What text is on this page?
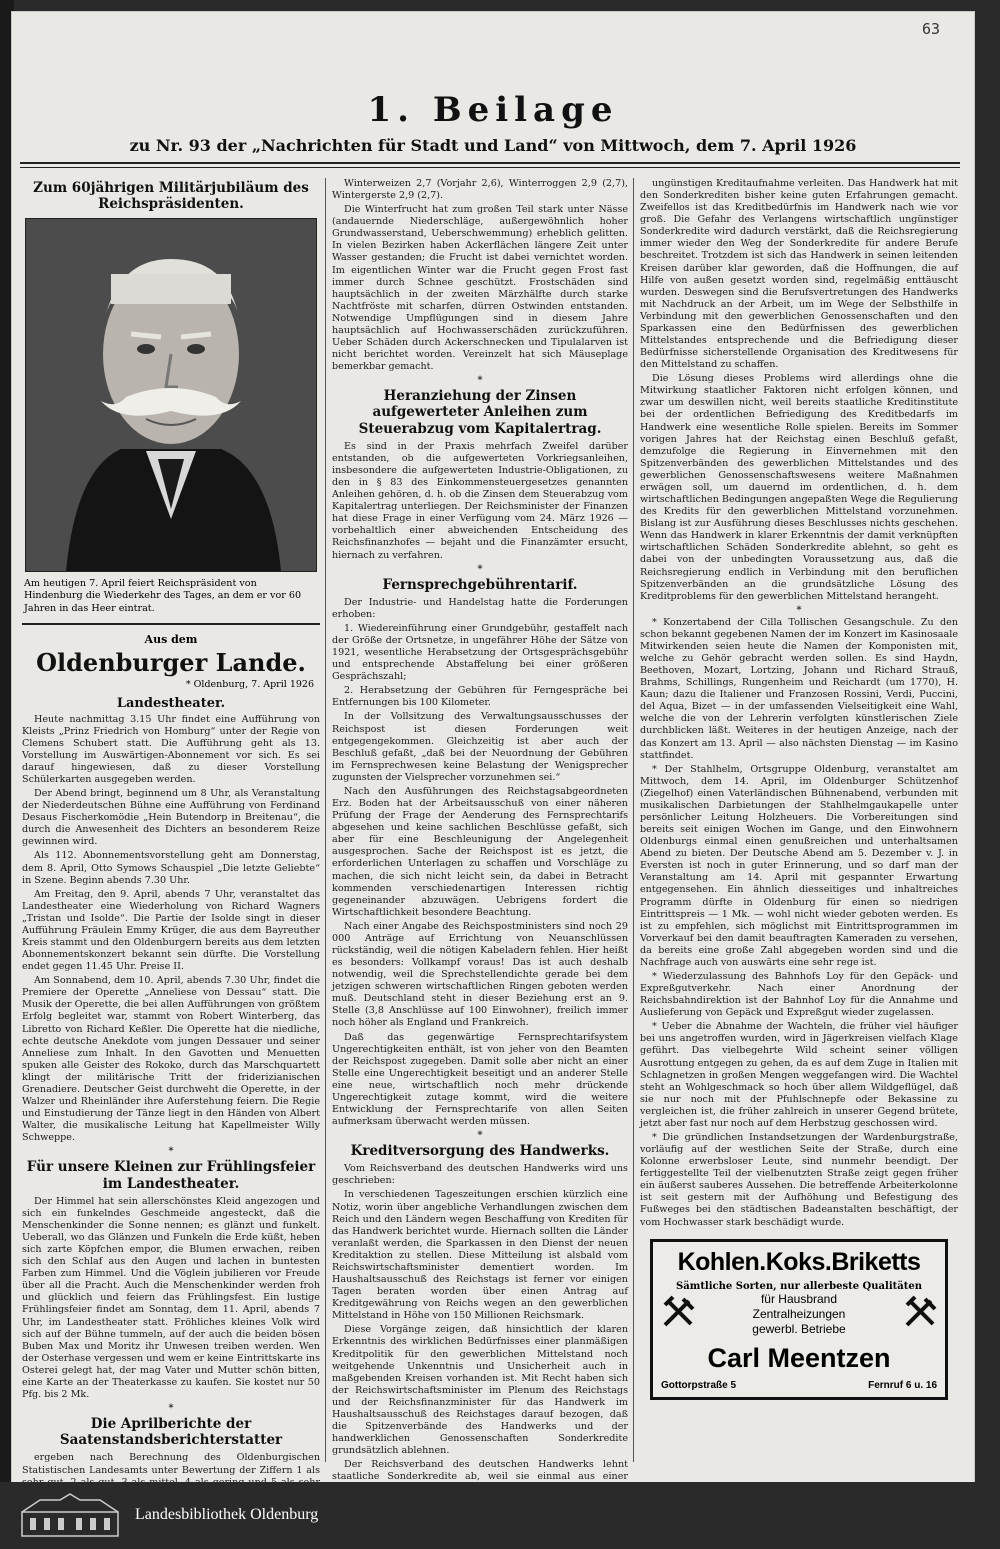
63
1. Beilage
zu Nr. 93 der „Nachrichten für Stadt und Land“ von Mittwoch, dem 7. April 1926
Zum 60jährigen Militärjubiläum des Reichspräsidenten.
Am heutigen 7. April feiert Reichspräsident von Hindenburg die Wiederkehr des Tages, an dem er vor 60 Jahren in das Heer eintrat.
Aus dem
Oldenburger Lande.
* Oldenburg, 7. April 1926
Landestheater.

Heute nachmittag 3.15 Uhr findet eine Aufführung von Kleists „Prinz Friedrich von Homburg“ unter der Regie von Clemens Schubert statt. Die Aufführung geht als 13. Vorstellung im Auswärtigen-Abonnement vor sich. Es sei darauf hingewiesen, daß zu dieser Vorstellung Schülerkarten ausgegeben werden.

Der Abend bringt, beginnend um 8 Uhr, als Veranstaltung der Niederdeutschen Bühne eine Aufführung von Ferdinand Desaus Fischerkomödie „Hein Butendorp in Breitenau“, die durch die Anwesenheit des Dichters an besonderem Reize gewinnen wird.

Als 112. Abonnementsvorstellung geht am Donnerstag, dem 8. April, Otto Symows Schauspiel „Die letzte Geliebte“ in Szene. Beginn abends 7.30 Uhr.

Am Freitag, den 9. April, abends 7 Uhr, veranstaltet das Landestheater eine Wiederholung von Richard Wagners „Tristan und Isolde“. Die Partie der Isolde singt in dieser Aufführung Fräulein Emmy Krüger, die aus dem Bayreuther Kreis stammt und den Oldenburgern bereits aus dem letzten Abonnementskonzert bekannt sein dürfte. Die Vorstellung endet gegen 11.45 Uhr. Preise II.

Am Sonnabend, dem 10. April, abends 7.30 Uhr, findet die Premiere der Operette „Anneliese von Dessau“ statt. Die Musik der Operette, die bei allen Aufführungen von größtem Erfolg begleitet war, stammt von Robert Winterberg, das Libretto von Richard Keßler. Die Operette hat die niedliche, echte deutsche Anekdote vom jungen Dessauer und seiner Anneliese zum Inhalt. In den Gavotten und Menuetten spuken alle Geister des Rokoko, durch das Marschquartett klingt der militärische Tritt der friderizianischen Grenadiere. Deutscher Geist durchweht die Operette, in der Walzer und Rheinländer ihre Auferstehung feiern. Die Regie und Einstudierung der Tänze liegt in den Händen von Albert Walter, die musikalische Leitung hat Kapellmeister Willy Schweppe.

*
Für unsere Kleinen zur Frühlingsfeier im Landestheater.

Der Himmel hat sein allerschönstes Kleid angezogen und sich ein funkelndes Geschmeide angesteckt, daß die Menschenkinder die Sonne nennen; es glänzt und funkelt. Ueberall, wo das Glänzen und Funkeln die Erde küßt, heben sich zarte Köpfchen empor, die Blumen erwachen, reiben sich den Schlaf aus den Augen und lachen in buntesten Farben zum Himmel. Und die Vöglein jubilieren vor Freude über all die Pracht. Auch die Menschenkinder werden froh und glücklich und feiern das Frühlingsfest. Ein lustige Frühlingsfeier findet am Sonntag, dem 11. April, abends 7 Uhr, im Landestheater statt. Fröhliches kleines Volk wird sich auf der Bühne tummeln, auf der auch die beiden bösen Buben Max und Moritz ihr Unwesen treiben werden. Wen der Osterhase vergessen und wem er keine Eintrittskarte ins Osterei gelegt hat, der mag Vater und Mutter schön bitten, eine Karte an der Theaterkasse zu kaufen. Sie kostet nur 50 Pfg. bis 2 Mk.

*
Die Aprilberichte der Saatenstandsberichterstatter

ergeben nach Berechnung des Oldenburgischen Statistischen Landesamts unter Bewertung der Ziffern 1 als

Winterweizen 2,7 (Vorjahr 2,6), Winterroggen 2,9 (2,7), Wintergerste 2,9 (2,7).

Die Winterfrucht hat zum großen Teil stark unter Nässe (andauernde Niederschläge, außergewöhnlich hoher Grundwasserstand, Ueberschwemmung) erheblich gelitten. In vielen Bezirken haben Ackerflächen längere Zeit unter Wasser gestanden; die Frucht ist dabei vernichtet worden. Im eigentlichen Winter war die Frucht gegen Frost fast immer durch Schnee geschützt. Frostschäden sind hauptsächlich in der zweiten Märzhälfte durch starke Nachtfröste mit scharfen, dürren Ostwinden entstanden. Notwendige Umpflügungen sind in diesem Jahre hauptsächlich auf Hochwasserschäden zurückzuführen. Ueber Schäden durch Ackerschnecken und Tipulalarven ist nicht berichtet worden. Vereinzelt hat sich Mäuseplage bemerkbar gemacht.

*
Heranziehung der Zinsen aufgewerteter Anleihen zum Steuerabzug vom Kapitalertrag.

Es sind in der Praxis mehrfach Zweifel darüber entstanden, ob die aufgewerteten Vorkriegsanleihen, insbesondere die aufgewerteten Industrie-Obligationen, zu den in § 83 des Einkommensteuergesetzes genannten Anleihen gehören, d. h. ob die Zinsen dem Steuerabzug vom Kapitalertrag unterliegen. Der Reichsminister der Finanzen hat diese Frage in einer Verfügung vom 24. März 1926 — vorbehaltlich einer abweichenden Entscheidung des Reichsfinanzhofes — bejaht und die Finanzämter ersucht, hiernach zu verfahren.

*
Fernsprechgebührentarif.

Der Industrie- und Handelstag hatte die Forderungen erhoben:

1. Wiedereinführung einer Grundgebühr, gestaffelt nach der Größe der Ortsnetze, in ungefährer Höhe der Sätze von 1921, wesentliche Herabsetzung der Ortsgesprächsgebühr und entsprechende Abstaffelung bei einer größeren Gesprächszahl;

2. Herabsetzung der Gebühren für Ferngespräche bei Entfernungen bis 100 Kilometer.

In der Vollsitzung des Verwaltungsausschusses der Reichspost ist diesen Forderungen weit entgegengekommen. Gleichzeitig ist aber auch der Beschluß gefaßt, „daß bei der Neuordnung der Gebühren im Fernsprechwesen keine Belastung der Wenigsprecher zugunsten der Vielsprecher vorzunehmen sei.“

Nach den Ausführungen des Reichstagsabgeordneten Erz. Boden hat der Arbeitsausschuß von einer näheren Prüfung der Frage der Aenderung des Fernsprechtarifs abgesehen und keine sachlichen Beschlüsse gefaßt, sich aber für eine Beschleunigung der Angelegenheit ausgesprochen. Sache der Reichspost ist es jetzt, die erforderlichen Unterlagen zu schaffen und Vorschläge zu machen, die sich nicht leicht sein, da dabei in Betracht kommenden verschiedenartigen Interessen richtig gegeneinander abzuwägen. Uebrigens fordert die Wirtschaftlichkeit besondere Beachtung.

Nach einer Angabe des Reichspostministers sind noch 29 000 Anträge auf Errichtung von Neuanschlüssen rückständig, weil die nötigen Kabeladern fehlen. Hier heißt es besonders: Vollkampf voraus! Das ist auch deshalb notwendig, weil die Sprechstellendichte gerade bei dem jetzigen schweren wirtschaftlichen Ringen geboten werden muß. Deutschland steht in dieser Beziehung erst an 9. Stelle (3,8 Anschlüsse auf 100 Einwohner), freilich immer noch höher als England und Frankreich.

Daß das gegenwärtige Fernsprechtarifsystem Ungerechtigkeiten enthält, ist von jeher von den Beamten der Reichspost zugegeben. Damit solle aber nicht an einer Stelle eine Ungerechtigkeit beseitigt und an anderer Stelle eine neue, wirtschaftlich noch mehr drückende Ungerechtigkeit zutage kommt, wird die weitere Entwicklung der Fernsprechtarife von allen Seiten aufmerksam überwacht werden müssen.

*
Kreditversorgung des Handwerks.

Vom Reichsverband des deutschen Handwerks wird uns geschrieben:

In verschiedenen Tageszeitungen erschien kürzlich eine Notiz, worin über angebliche Verhandlungen zwischen dem Reich und den Ländern wegen Beschaffung von Krediten für das Handwerk berichtet wurde. Hiernach sollten die Länder veranlaßt werden, die Sparkassen in den Dienst der neuen Kreditaktion zu stellen. Diese Mitteilung ist alsbald vom Reichswirtschaftsminister dementiert worden. Im Haushaltsausschuß des Reichstags ist ferner vor einigen Tagen beraten worden über einen Antrag auf Kreditgewährung von Reichs wegen an den gewerblichen Mittelstand in Höhe von 150 Millionen Reichsmark.

Diese Vorgänge zeigen, daß hinsichtlich der klaren Erkenntnis des wirklichen Bedürfnisses einer planmäßigen Kreditpolitik für den gewerblichen Mittelstand noch weitgehende Unkenntnis und Unsicherheit auch in maßgebenden Kreisen vorhanden ist. Mit Recht haben sich der Reichswirtschaftsminister im Plenum des Reichstags und der Reichsfinanzminister für das Handwerk im Haushaltsausschuß des Reichstages darauf bezogen, daß die Spitzenverbände des Handwerks und der handwerklichen Genossenschaften Sonderkredite grundsätzlich ablehnen.

Der Reichsverband des deutschen Handwerks lehnt staatliche Sonderkredite ab, weil sie einmal aus einer

ungünstigen Kreditaufnahme verleiten. Das Handwerk hat mit den Sonderkrediten bisher keine guten Erfahrungen gemacht. Zweifellos ist das Kreditbedürfnis im Handwerk nach wie vor groß. Die Gefahr des Verlangens wirtschaftlich ungünstiger Sonderkredite wird dadurch verstärkt, daß die Reichsregierung immer wieder den Weg der Sonderkredite für andere Berufe beschreitet. Trotzdem ist sich das Handwerk in seinen leitenden Kreisen darüber klar geworden, daß die Hoffnungen, die auf Hilfe von außen gesetzt worden sind, regelmäßig enttäuscht wurden. Deswegen sind die Berufsvertretungen des Handwerks mit Nachdruck an der Arbeit, um im Wege der Selbsthilfe in Verbindung mit den gewerblichen Genossenschaften und den Sparkassen eine den Bedürfnissen des gewerblichen Mittelstandes entsprechende und die Befriedigung dieser Bedürfnisse sicherstellende Organisation des Kreditwesens für den Mittelstand zu schaffen.

Die Lösung dieses Problems wird allerdings ohne die Mitwirkung staatlicher Faktoren nicht erfolgen können, und zwar um deswillen nicht, weil bereits staatliche Kreditinstitute bei der ordentlichen Befriedigung des Kreditbedarfs im Handwerk eine wesentliche Rolle spielen. Bereits im Sommer vorigen Jahres hat der Reichstag einen Beschluß gefaßt, demzufolge die Regierung in Einvernehmen mit den Spitzenverbänden des gewerblichen Mittelstandes und des gewerblichen Genossenschaftswesens weitere Maßnahmen erwägen soll, um dauernd im ordentlichen, d. h. dem wirtschaftlichen Bedingungen angepaßten Wege die Regulierung des Kredits für den gewerblichen Mittelstand vorzunehmen. Bislang ist zur Ausführung dieses Beschlusses nichts geschehen. Wenn das Handwerk in klarer Erkenntnis der damit verknüpften wirtschaftlichen Schäden Sonderkredite ablehnt, so geht es dabei von der unbedingten Voraussetzung aus, daß die Reichsregierung endlich in Verbindung mit den beruflichen Spitzenverbänden an die grundsätzliche Lösung des Kreditproblems für den gewerblichen Mittelstand herangeht.

*

* Konzertabend der Cilla Tollischen Gesangschule. Zu den schon bekannt gegebenen Namen der im Konzert im Kasinosaale Mitwirkenden seien heute die Namen der Komponisten mit, welche zu Gehör gebracht werden sollen. Es sind Haydn, Beethoven, Mozart, Lortzing, Johann und Richard Strauß, Brahms, Schillings, Rungenheim und Reichardt (um 1770), H. Kaun; dazu die Italiener und Franzosen Rossini, Verdi, Puccini, del Aqua, Bizet — in der umfassenden Vielseitigkeit eine Wahl, welche die von der Lehrerin verfolgten künstlerischen Ziele durchblicken läßt. Weiteres in der heutigen Anzeige, nach der das Konzert am 13. April — also nächsten Dienstag — im Kasino stattfindet.

* Der Stahlhelm, Ortsgruppe Oldenburg, veranstaltet am Mittwoch, dem 14. April, im Oldenburger Schützenhof (Ziegelhof) einen Vaterländischen Bühnenabend, verbunden mit musikalischen Darbietungen der Stahlhelmgaukapelle unter persönlicher Leitung Holzheuers. Die Vorbereitungen sind bereits seit einigen Wochen im Gange, und den Einwohnern Oldenburgs einmal einen genußreichen und unterhaltsamen Abend zu bieten. Der Deutsche Abend am 5. Dezember v. J. in Eversten ist noch in guter Erinnerung, und so darf man der Veranstaltung am 14. April mit gespannter Erwartung entgegensehen. Ein ähnlich diesseitiges und inhaltreiches Programm dürfte in Oldenburg für einen so niedrigen Eintrittspreis — 1 Mk. — wohl nicht wieder geboten werden. Es ist zu empfehlen, sich möglichst mit Eintrittsprogrammen im Vorverkauf bei den damit beauftragten Kameraden zu versehen, da bereits eine große Zahl abgegeben worden sind und die Nachfrage auch von auswärts eine sehr rege ist.

* Wiederzulassung des Bahnhofs Loy für den Gepäck- und Expreßgutverkehr. Nach einer Anordnung der Reichsbahndirektion ist der Bahnhof Loy für die Annahme und Auslieferung von Gepäck und Expreßgut wieder zugelassen.

* Ueber die Abnahme der Wachteln, die früher viel häufiger bei uns angetroffen wurden, wird in Jägerkreisen vielfach Klage geführt. Das vielbegehrte Wild scheint seiner völligen Ausrottung entgegen zu gehen, da es auf dem Zuge in Italien mit Schlagnetzen in großen Mengen weggefangen wird. Die Wachtel steht an Wohlgeschmack so hoch über allem Wildgeflügel, daß sie nur noch mit der Pfuhlschnepfe oder Bekassine zu vergleichen ist, die früher zahlreich in unserer Gegend brütete, jetzt aber fast nur noch auf dem Herbstzug geschossen wird.

* Die gründlichen Instandsetzungen der Wardenburgstraße, vorläufig auf der westlichen Seite der Straße, durch eine Kolonne erwerbsloser Leute, sind nunmehr beendigt. Der fertiggestellte Teil der vielbenutzten Straße zeigt gegen früher ein äußerst sauberes Aussehen. Die betreffende Arbeiterkolonne ist seit gestern mit der Aufhöhung und Befestigung des Fußweges bei den städtischen Badeanstalten beschäftigt, der vom Hochwasser stark beschädigt wurde.

Kohlen.Koks.Briketts
Sämtliche Sorten, nur allerbeste Qualitäten
für Hausbrand
Zentralheizungen
gewerbl. Betriebe
Carl Meentzen
Gottorpstraße 5	Fernruf 6 u. 16
Landesbibliothek Oldenburg
